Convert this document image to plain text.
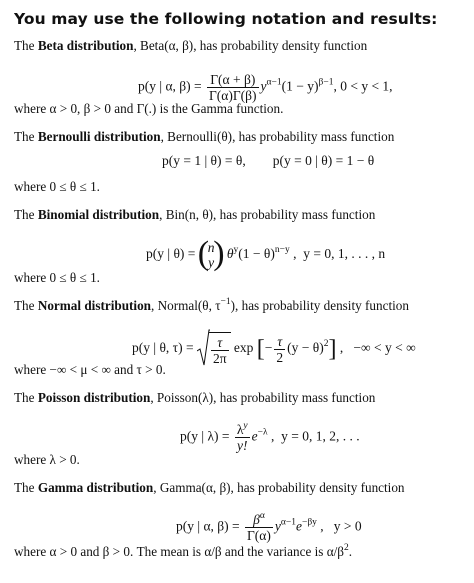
You may use the following notation and results:
The Beta distribution, Beta(α, β), has probability density function
p(y | α, $\beta) = \frac{\Gamma(\alpha + \beta)}{\Gamma(\alpha)\Gamma(\beta)} y^{\alpha-1}(1 - y)^{\beta-1}$, 0 < y < 1,
where α > 0, β > 0 and Γ(.) is the Gamma function.
The Bernoulli distribution, Bernoulli(θ), has probability mass function
p(y = 1 | θ) = θ,        p(y = 0 | θ) = 1 − θ
where 0 ≤ θ ≤ 1.
The Binomial distribution, Bin(n, θ), has probability mass function
p(y | θ) = (
n
y ) $\theta^y(1 - \theta)^{n-y}$ ,  y = 0, 1, . . . , n
where 0 ≤ θ ≤ 1.
The Normal distribution, Normal(θ, $\tau^{-1}$), has probability density function
p(y | θ, $\tau) = \frac{\tau}{2\pi}$ exp [− $\frac{\tau}{2} (y - \theta)^2$] ,   −∞ < y < ∞
where −∞ < μ < ∞ and τ > 0.
The Poisson distribution, Poisson(λ), has probability mass function
p(y | $\lambda) = \frac{\lambda^y}{y!} e^{-\lambda}$ ,  y = 0, 1, 2, . . .
where λ > 0.
The Gamma distribution, Gamma(α, β), has probability density function
p(y | α, $\beta) = \frac{\beta^\alpha}{\Gamma(\alpha)} y^{\alpha-1}e^{-\beta y}$ ,   y > 0
where α > 0 and β > 0. The mean is α/β and the variance is $\alpha/\beta^2$.
